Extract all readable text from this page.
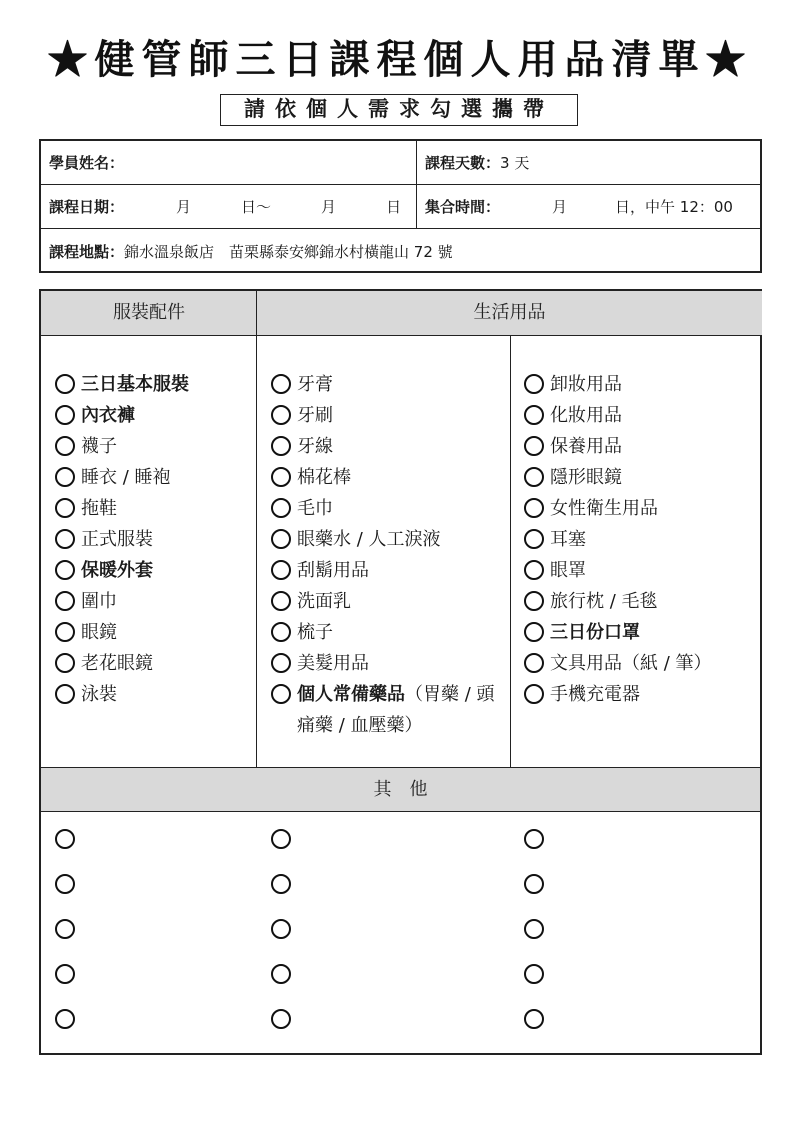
★健管師三日課程個人用品清單★
請依個人需求勾選攜帶
學員姓名：	課程天數： 3 天
課程日期：	月	日～	月	日 集合時間：	月	日，中午 12：00
課程地點： 錦水溫泉飯店　苗栗縣泰安鄉錦水村橫龍山 72 號
服裝配件	生活用品
三日基本服裝
內衣褲
襪子
睡衣 / 睡袍
拖鞋
正式服裝
保暖外套
圍巾
眼鏡
老花眼鏡
泳裝
牙膏
牙刷
牙線
棉花棒
毛巾
眼藥水 / 人工淚液
刮鬍用品
洗面乳
梳子
美髮用品
個人常備藥品（胃藥 / 頭痛藥 / 血壓藥）
卸妝用品
化妝用品
保養用品
隱形眼鏡
女性衛生用品
耳塞
眼罩
旅行枕 / 毛毯
三日份口罩
文具用品（紙 / 筆）
手機充電器
其　他
